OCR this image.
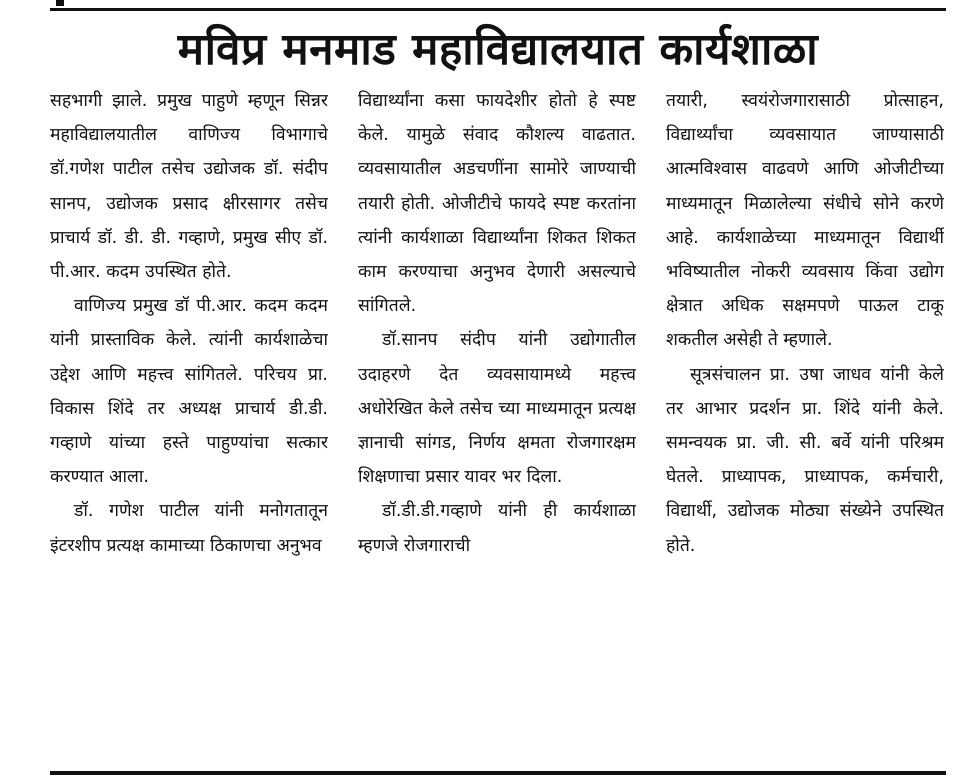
मविप्र मनमाड महाविद्यालयात कार्यशाळा

सहभागी झाले. प्रमुख पाहुणे म्हणून सिन्नर महाविद्यालयातील वाणिज्य विभागाचे डॉ.गणेश पाटील तसेच उद्योजक डॉ. संदीप सानप, उद्योजक प्रसाद क्षीरसागर तसेच प्राचार्य डॉ. डी. डी. गव्हाणे, प्रमुख सीए डॉ. पी.आर. कदम उपस्थित होते.

वाणिज्य प्रमुख डॉ पी.आर. कदम कदम यांनी प्रास्ताविक केले. त्यांनी कार्यशाळेचा उद्देश आणि महत्त्व सांगितले. परिचय प्रा. विकास शिंदे तर अध्यक्ष प्राचार्य डी.डी. गव्हाणे यांच्या हस्ते पाहुण्यांचा सत्कार करण्यात आला.

डॉ. गणेश पाटील यांनी मनोगतातून इंटरशीप प्रत्यक्ष कामाच्या ठिकाणचा अनुभव

विद्यार्थ्यांना कसा फायदेशीर होतो हे स्पष्ट केले. यामुळे संवाद कौशल्य वाढतात. व्यवसायातील अडचणींना सामोरे जाण्याची तयारी होती. ओजीटीचे फायदे स्पष्ट करतांना त्यांनी कार्यशाळा विद्यार्थ्यांना शिकत शिकत काम करण्याचा अनुभव देणारी असल्याचे सांगितले.

डॉ.सानप संदीप यांनी उद्योगातील उदाहरणे देत व्यवसायामध्ये महत्त्व अधोरेखित केले तसेच च्या माध्यमातून प्रत्यक्ष ज्ञानाची सांगड, निर्णय क्षमता रोजगारक्षम शिक्षणाचा प्रसार यावर भर दिला.

डॉ.डी.डी.गव्हाणे यांनी ही कार्यशाळा म्हणजे रोजगाराची

तयारी, स्वयंरोजगारासाठी प्रोत्साहन, विद्यार्थ्यांचा व्यवसायात जाण्यासाठी आत्मविश्वास वाढवणे आणि ओजीटीच्या माध्यमातून मिळालेल्या संधीचे सोने करणे आहे. कार्यशाळेच्या माध्यमातून विद्यार्थी भविष्यातील नोकरी व्यवसाय किंवा उद्योग क्षेत्रात अधिक सक्षमपणे पाऊल टाकू शकतील असेही ते म्हणाले.

सूत्रसंचालन प्रा. उषा जाधव यांनी केले तर आभार प्रदर्शन प्रा. शिंदे यांनी केले. समन्वयक प्रा. जी. सी. बर्वे यांनी परिश्रम घेतले. प्राध्यापक, प्राध्यापक, कर्मचारी, विद्यार्थी, उद्योजक मोठ्या संख्येने उपस्थित होते.
